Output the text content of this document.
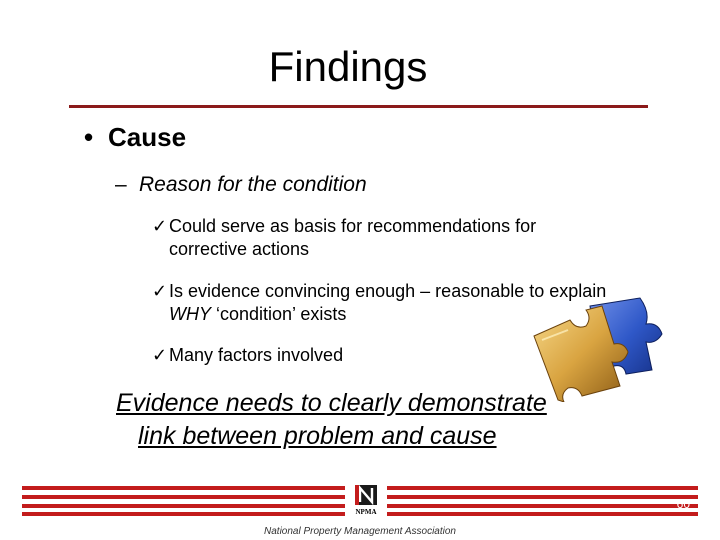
Findings
• Cause
– Reason for the condition
✓ Could serve as basis for recommendations for corrective actions
✓ Is evidence convincing enough – reasonable to explain WHY ‘condition’ exists
✓ Many factors involved
Evidence needs to clearly demonstrate
link between problem and cause
NPMA
60
National Property Management Association
